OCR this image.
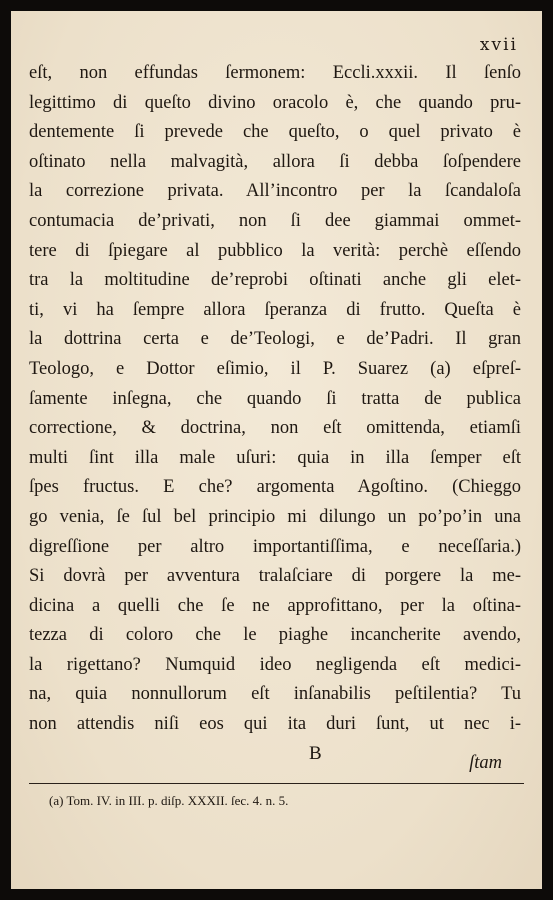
xvii
eſt, non effundas ſermonem: Eccli.xxxii. Il ſenſo
legittimo di queſto divino oracolo è, che quando pru-
dentemente ſi prevede che queſto, o quel privato è
oſtinato nella malvagità, allora ſi debba ſoſpendere
la correzione privata. All’incontro per la ſcandaloſa
contumacia de’privati, non ſi dee giammai ommet-
tere di ſpiegare al pubblico la verità: perchè eſſendo
tra la moltitudine de’reprobi oſtinati anche gli elet-
ti, vi ha ſempre allora ſperanza di frutto. Queſta è
la dottrina certa e de’Teologi, e de’Padri. Il gran
Teologo, e Dottor eſimio, il P. Suarez (a) eſpreſ-
ſamente inſegna, che quando ſi tratta de publica
correctione, & doctrina, non eſt omittenda, etiamſi
multi ſint illa male uſuri: quia in illa ſemper eſt
ſpes fructus. E che? argomenta Agoſtino. (Chieggo
go venia, ſe ſul bel principio mi dilungo un po’po’in una
digreſſione per altro importantiſſima, e neceſſaria.)
Si dovrà per avventura tralaſciare di porgere la me-
dicina a quelli che ſe ne approfittano, per la oſtina-
tezza di coloro che le piaghe incancherite avendo,
la rigettano? Numquid ideo negligenda eſt medici-
na, quia nonnullorum eſt inſanabilis peſtilentia? Tu
non attendis niſi eos qui ita duri ſunt, ut nec i-
B	ſtam
(a) Tom. IV. in III. p. diſp. XXXII. ſec. 4. n. 5.
